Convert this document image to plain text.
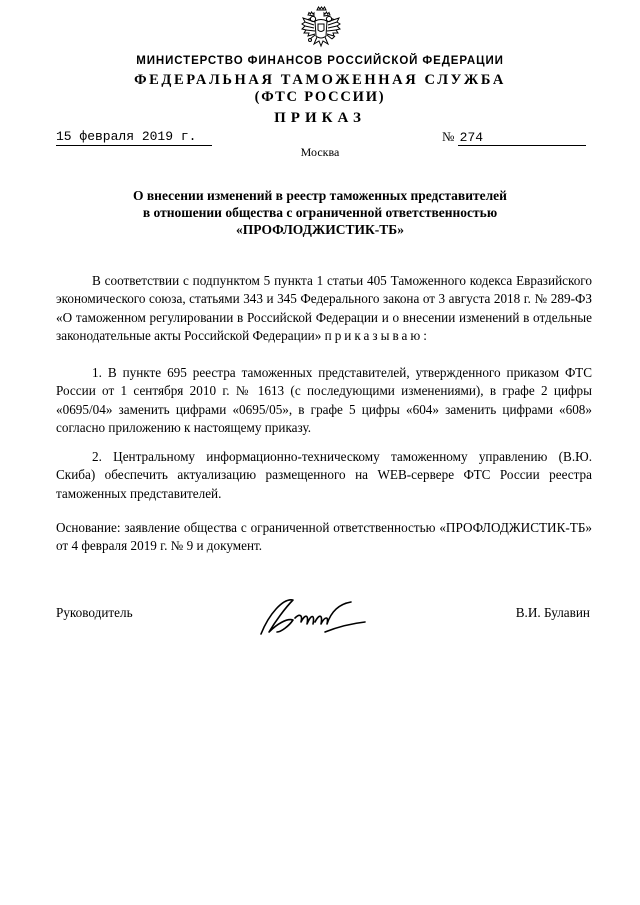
МИНИСТЕРСТВО ФИНАНСОВ РОССИЙСКОЙ ФЕДЕРАЦИИ
ФЕДЕРАЛЬНАЯ ТАМОЖЕННАЯ СЛУЖБА
(ФТС РОССИИ)
ПРИКАЗ
15 февраля 2019 г.	№ 274
Москва
О внесении изменений в реестр таможенных представителей
в отношении общества с ограниченной ответственностью
«ПРОФЛОДЖИСТИК-ТБ»

В соответствии с подпунктом 5 пункта 1 статьи 405 Таможенного кодекса Евразийского экономического союза, статьями 343 и 345 Федерального закона от 3 августа 2018 г. № 289-ФЗ «О таможенном регулировании в Российской Федерации и о внесении изменений в отдельные законодательные акты Российской Федерации» приказываю:

1. В пункте 695 реестра таможенных представителей, утвержденного приказом ФТС России от 1 сентября 2010 г. № 1613 (с последующими изменениями), в графе 2 цифры «0695/04» заменить цифрами «0695/05», в графе 5 цифры «604» заменить цифрами «608» согласно приложению к настоящему приказу.

2. Центральному информационно-техническому таможенному управлению (В.Ю. Скиба) обеспечить актуализацию размещенного на WEB-сервере ФТС России реестра таможенных представителей.

Основание: заявление общества с ограниченной ответственностью «ПРОФЛОДЖИСТИК-ТБ» от 4 февраля 2019 г. № 9 и документ.

Руководитель	В.И. Булавин
